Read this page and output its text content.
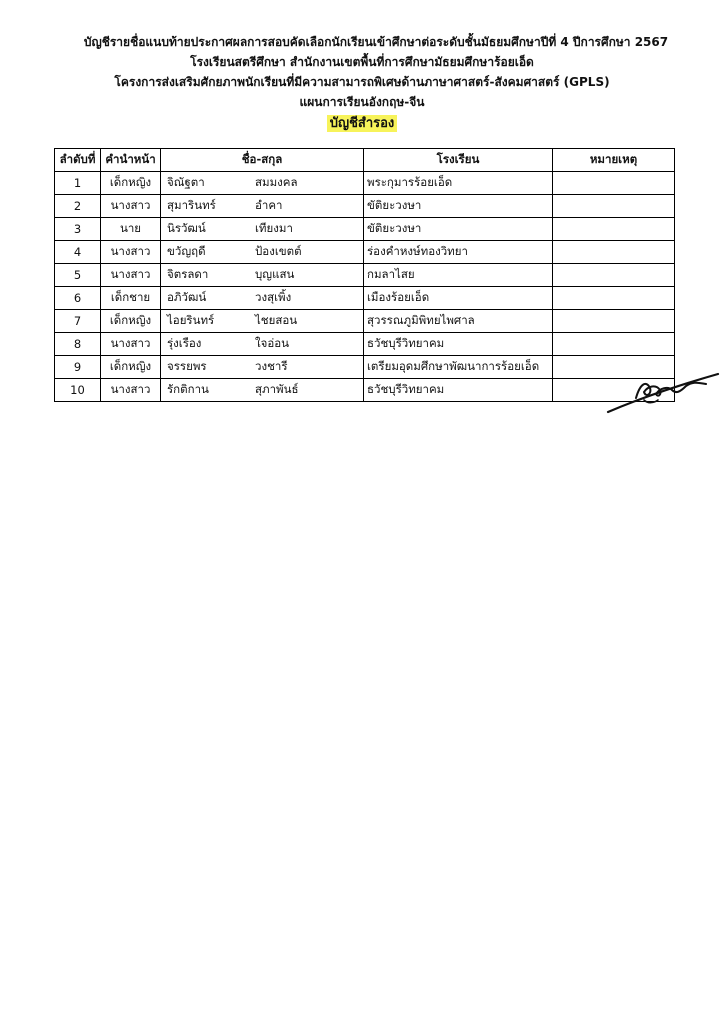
บัญชีรายชื่อแนบท้ายประกาศผลการสอบคัดเลือกนักเรียนเข้าศึกษาต่อระดับชั้นมัธยมศึกษาปีที่ 4 ปีการศึกษา 2567
โรงเรียนสตรีศึกษา สำนักงานเขตพื้นที่การศึกษามัธยมศึกษาร้อยเอ็ด
โครงการส่งเสริมศักยภาพนักเรียนที่มีความสามารถพิเศษด้านภาษาศาสตร์-สังคมศาสตร์ (GPLS)
แผนการเรียนอังกฤษ-จีน
บัญชีสำรอง
ลำดับที่	คำนำหน้า	ชื่อ-สกุล	โรงเรียน	หมายเหตุ
1	เด็กหญิง	จิณัฐตา สมมงคล	พระกุมารร้อยเอ็ด	
2	นางสาว	สุมารินทร์ อำคา	ขัติยะวงษา	
3	นาย	นิรวัฒน์ เทียงมา	ขัติยะวงษา	
4	นางสาว	ขวัญฤดี ป้องเขตต์	ร่องคำหงษ์ทองวิทยา	
5	นางสาว	จิตรลดา บุญแสน	กมลาไสย	
6	เด็กชาย	อภิวัฒน์ วงสุเพิ้ง	เมืองร้อยเอ็ด	
7	เด็กหญิง	ไอยรินทร์ ไชยสอน	สุวรรณภูมิพิทยไพศาล	
8	นางสาว	รุ่งเรือง ใจอ่อน	ธวัชบุรีวิทยาคม	
9	เด็กหญิง	จรรยพร วงชารี	เตรียมอุดมศึกษาพัฒนาการร้อยเอ็ด	
10	นางสาว	รักติกาน สุภาพันธ์	ธวัชบุรีวิทยาคม	
